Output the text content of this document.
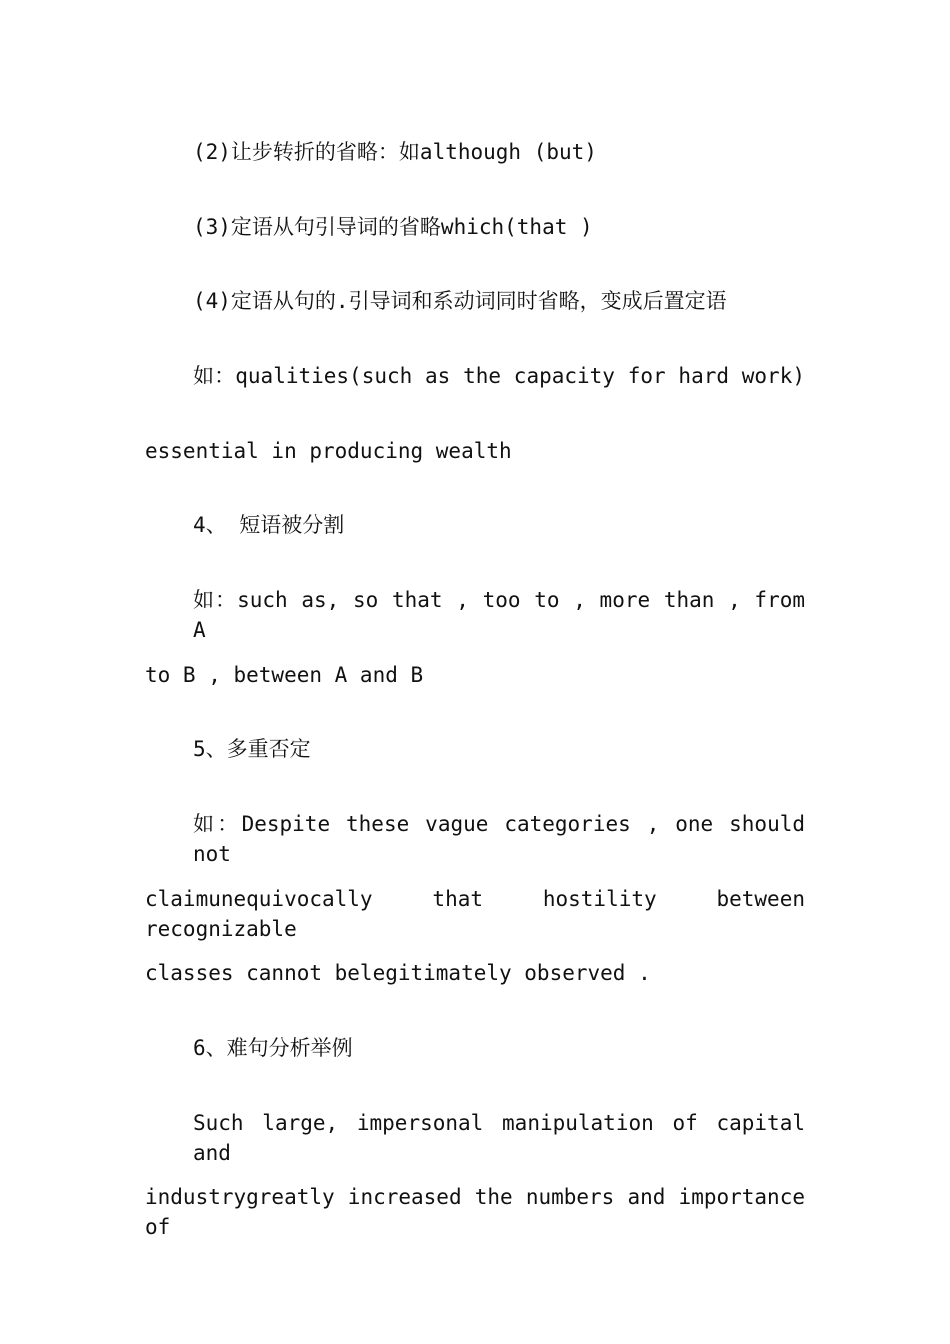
(2)让步转折的省略：如although (but)
(3)定语从句引导词的省略which(that )
(4)定语从句的.引导词和系动词同时省略，变成后置定语
如：qualities(such as the capacity for hard work)
essential in producing wealth
4、 短语被分割
如：such as, so that , too to , more than , from A
to B , between A and B
5、多重否定
如：Despite these vague categories , one should not
claimunequivocally that hostility between recognizable
classes cannot belegitimately observed .
6、难句分析举例
Such large, impersonal manipulation of capital and
industrygreatly increased the numbers and importance of
